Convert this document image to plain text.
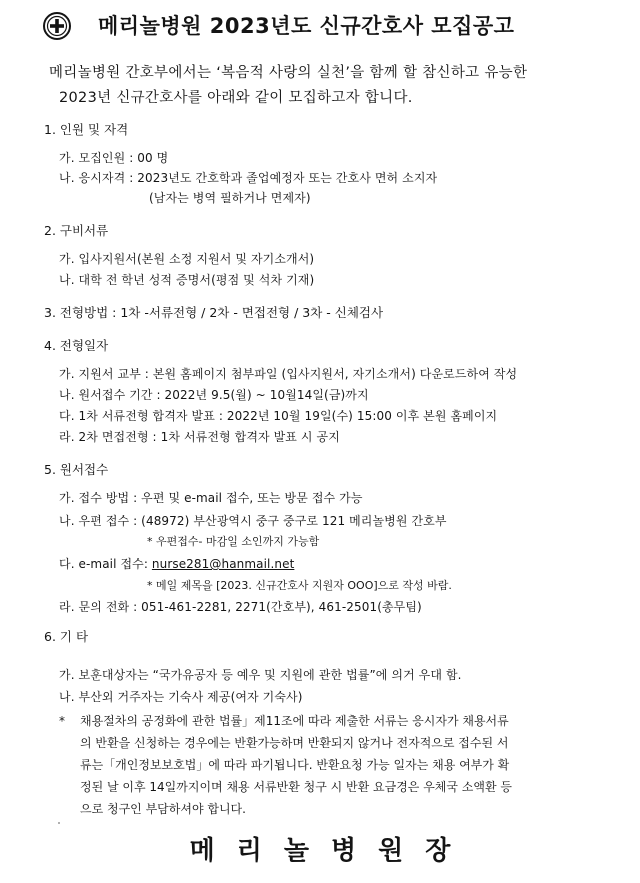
메리놀병원 2023년도 신규간호사 모집공고
메리놀병원 간호부에서는 ‘복음적 사랑의 실천’을 함께 할 참신하고 유능한
2023년 신규간호사를 아래와 같이 모집하고자 합니다.
1. 인원 및 자격
가. 모집인원 : 00 명
나. 응시자격 : 2023년도 간호학과 졸업예정자 또는 간호사 면허 소지자
(남자는 병역 필하거나 면제자)
2. 구비서류
가. 입사지원서(본원 소정 지원서 및 자기소개서)
나. 대학 전 학년 성적 증명서(평점 및 석차 기재)
3. 전형방법 : 1차 -서류전형 / 2차 - 면접전형 / 3차 - 신체검사
4. 전형일자
가. 지원서 교부 : 본원 홈페이지 첨부파일 (입사지원서, 자기소개서) 다운로드하여 작성
나. 원서접수 기간 : 2022년 9.5(월) ~ 10월14일(금)까지
다. 1차 서류전형 합격자 발표 : 2022년 10월 19일(수) 15:00 이후 본원 홈페이지
라. 2차 면접전형 : 1차 서류전형 합격자 발표 시 공지
5. 원서접수
가. 접수 방법 : 우편 및 e-mail 접수, 또는 방문 접수 가능
나. 우편 접수 : (48972) 부산광역시 중구 중구로 121 메리놀병원 간호부
* 우편접수- 마감일 소인까지 가능함
다. e-mail 접수: nurse281@hanmail.net
* 메일 제목을 [2023. 신규간호사 지원자 OOO]으로 작성 바람.
라. 문의 전화 : 051-461-2281, 2271(간호부), 461-2501(총무팀)
6. 기 타
가. 보훈대상자는 “국가유공자 등 예우 및 지원에 관한 법률”에 의거 우대 함.
나. 부산외 거주자는 기숙사 제공(여자 기숙사)
* 채용절차의 공정화에 관한 법률」제11조에 따라 제출한 서류는 응시자가 채용서류
의 반환을 신청하는 경우에는 반환가능하며 반환되지 않거나 전자적으로 접수된 서
류는「개인정보보호법」에 따라 파기됩니다. 반환요청 가능 일자는 채용 여부가 확
정된 날 이후 14일까지이며 채용 서류반환 청구 시 반환 요금경은 우체국 소액환 등
으로 청구인 부담하셔야 합니다.
메리놀병원장
